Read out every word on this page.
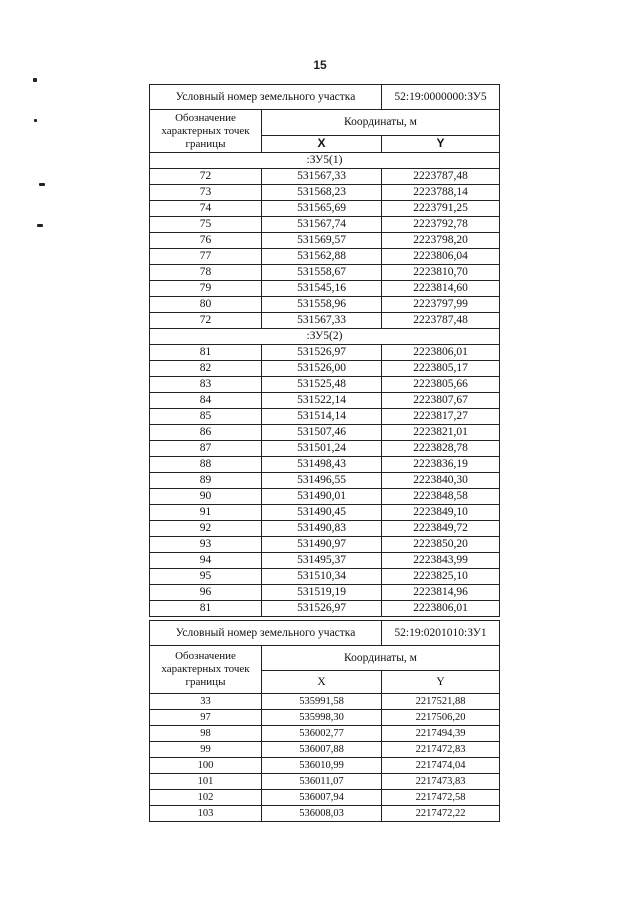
15
Условный номер земельного участка		52:19:0000000:ЗУ5
Обозначение характерных точек границы	Координаты, м	
	X	Y
:ЗУ5(1)		
72	531567,33	2223787,48
73	531568,23	2223788,14
74	531565,69	2223791,25
75	531567,74	2223792,78
76	531569,57	2223798,20
77	531562,88	2223806,04
78	531558,67	2223810,70
79	531545,16	2223814,60
80	531558,96	2223797,99
72	531567,33	2223787,48
:ЗУ5(2)		
81	531526,97	2223806,01
82	531526,00	2223805,17
83	531525,48	2223805,66
84	531522,14	2223807,67
85	531514,14	2223817,27
86	531507,46	2223821,01
87	531501,24	2223828,78
88	531498,43	2223836,19
89	531496,55	2223840,30
90	531490,01	2223848,58
91	531490,45	2223849,10
92	531490,83	2223849,72
93	531490,97	2223850,20
94	531495,37	2223843,99
95	531510,34	2223825,10
96	531519,19	2223814,96
81	531526,97	2223806,01
Условный номер земельного участка		52:19:0201010:ЗУ1
Обозначение характерных точек границы	Координаты, м	
	X	Y
33	535991,58	2217521,88
97	535998,30	2217506,20
98	536002,77	2217494,39
99	536007,88	2217472,83
100	536010,99	2217474,04
101	536011,07	2217473,83
102	536007,94	2217472,58
103	536008,03	2217472,22
